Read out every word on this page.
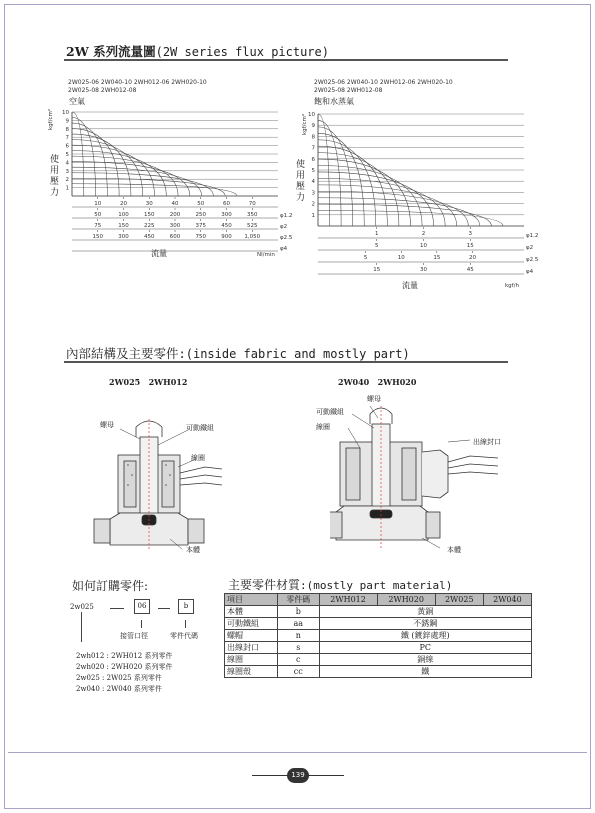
2W 系列流量圖(2W series flux picture)
2W025-06 2W040-10 2WH012-06 2WH020-10
2W025-08 2WH012-08
空氣
kgf/cm²
使用壓力
10
9
8
7
6
5
4
3
2
1
10	20	30	40	50	60	70
φ1.2
50	100	150	200	250	300	350
φ2
75	150	225	300	375	450	525
φ2.5
150	300	450	600	750	900 1,050
φ4
流量	Nl/min
2W025-06 2W040-10 2WH012-06 2WH020-10
2W025-08 2WH012-08
飽和水蒸氣
kgf/cm²
使用壓力
10
9
8
7
6
5
4
3
2
1
φ1.2
φ2
φ2.5
φ4
1	2	3
5	10	15
5	10	15	20
15	30	45
流量	kgf/h
內部結構及主要零件:(inside fabric and mostly part)
2W025   2WH012	2W040   2WH020
螺母	可動鐵組
線圈
本體
螺母
可動鐵組
線圈
出線封口
本體
如何訂購零件:
2w025	06	b
接管口徑	零件代碼
2wh012 : 2WH012 系列零件
2wh020 : 2WH020 系列零件
2w025 : 2W025 系列零件
2w040 : 2W040 系列零件
主要零件材質:(mostly part material)
項目	零件碼	2WH012	2WH020	2W025	2W040
本體	b	黃銅			
可動鐵組	aa	不銹鋼			
螺帽	n	鐵 (鍍鋅處理)			
出線封口	s	PC			
線圈	c	銅線			
線圈殼	cc	鐵			
139
